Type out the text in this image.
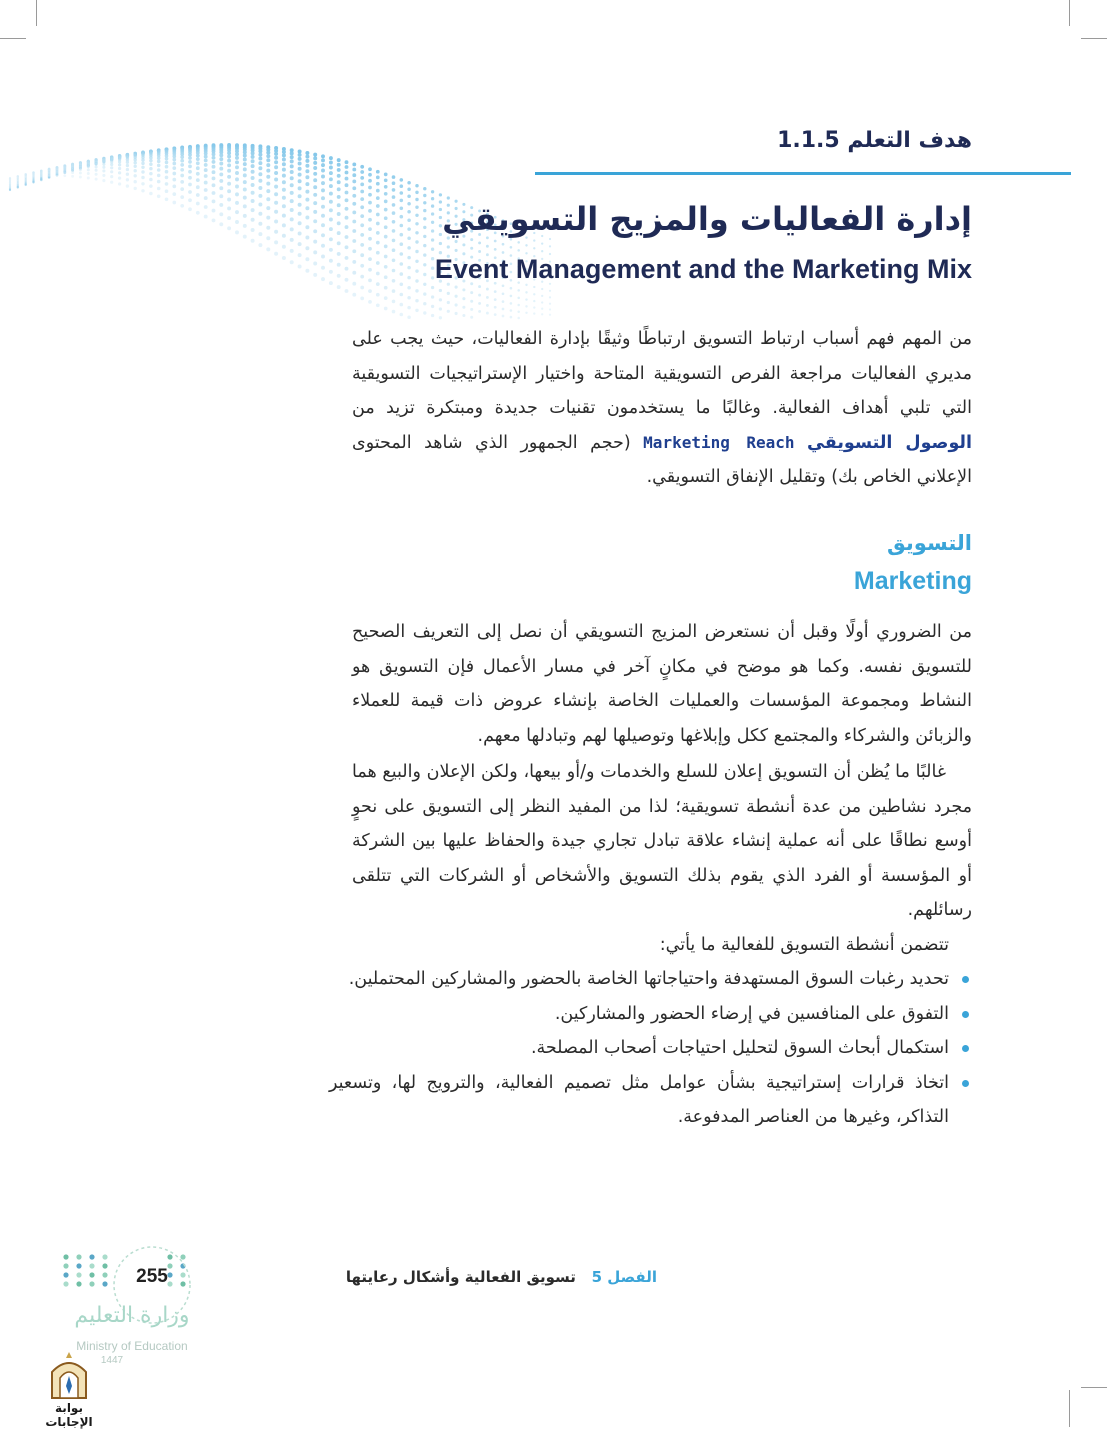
هدف التعلم 1.1.5
إدارة الفعاليات والمزيج التسويقي
Event Management and the Marketing Mix

من المهم فهم أسباب ارتباط التسويق ارتباطًا وثيقًا بإدارة الفعاليات، حيث يجب على مديري الفعاليات مراجعة الفرص التسويقية المتاحة واختيار الإستراتيجيات التسويقية التي تلبي أهداف الفعالية. وغالبًا ما يستخدمون تقنيات جديدة ومبتكرة تزيد من الوصول التسويقي Marketing Reach (حجم الجمهور الذي شاهد المحتوى الإعلاني الخاص بك) وتقليل الإنفاق التسويقي.

التسويق
Marketing

من الضروري أولًا وقبل أن نستعرض المزيج التسويقي أن نصل إلى التعريف الصحيح للتسويق نفسه. وكما هو موضح في مكانٍ آخر في مسار الأعمال فإن التسويق هو النشاط ومجموعة المؤسسات والعمليات الخاصة بإنشاء عروض ذات قيمة للعملاء والزبائن والشركاء والمجتمع ككل وإبلاغها وتوصيلها لهم وتبادلها معهم.

غالبًا ما يُظن أن التسويق إعلان للسلع والخدمات و/أو بيعها، ولكن الإعلان والبيع هما مجرد نشاطين من عدة أنشطة تسويقية؛ لذا من المفيد النظر إلى التسويق على نحوٍ أوسع نطاقًا على أنه عملية إنشاء علاقة تبادل تجاري جيدة والحفاظ عليها بين الشركة أو المؤسسة أو الفرد الذي يقوم بذلك التسويق والأشخاص أو الشركات التي تتلقى رسائلهم.

تتضمن أنشطة التسويق للفعالية ما يأتي:
تحديد رغبات السوق المستهدفة واحتياجاتها الخاصة بالحضور والمشاركين المحتملين.
التفوق على المنافسين في إرضاء الحضور والمشاركين.
استكمال أبحاث السوق لتحليل احتياجات أصحاب المصلحة.
اتخاذ قرارات إستراتيجية بشأن عوامل مثل تصميم الفعالية، والترويج لها، وتسعير التذاكر، وغيرها من العناصر المدفوعة.
الفصل 5   تسويق الفعالية وأشكال رعايتها
255
وزارة التعليم
Ministry of Education
1447
بوابة الإجابات
